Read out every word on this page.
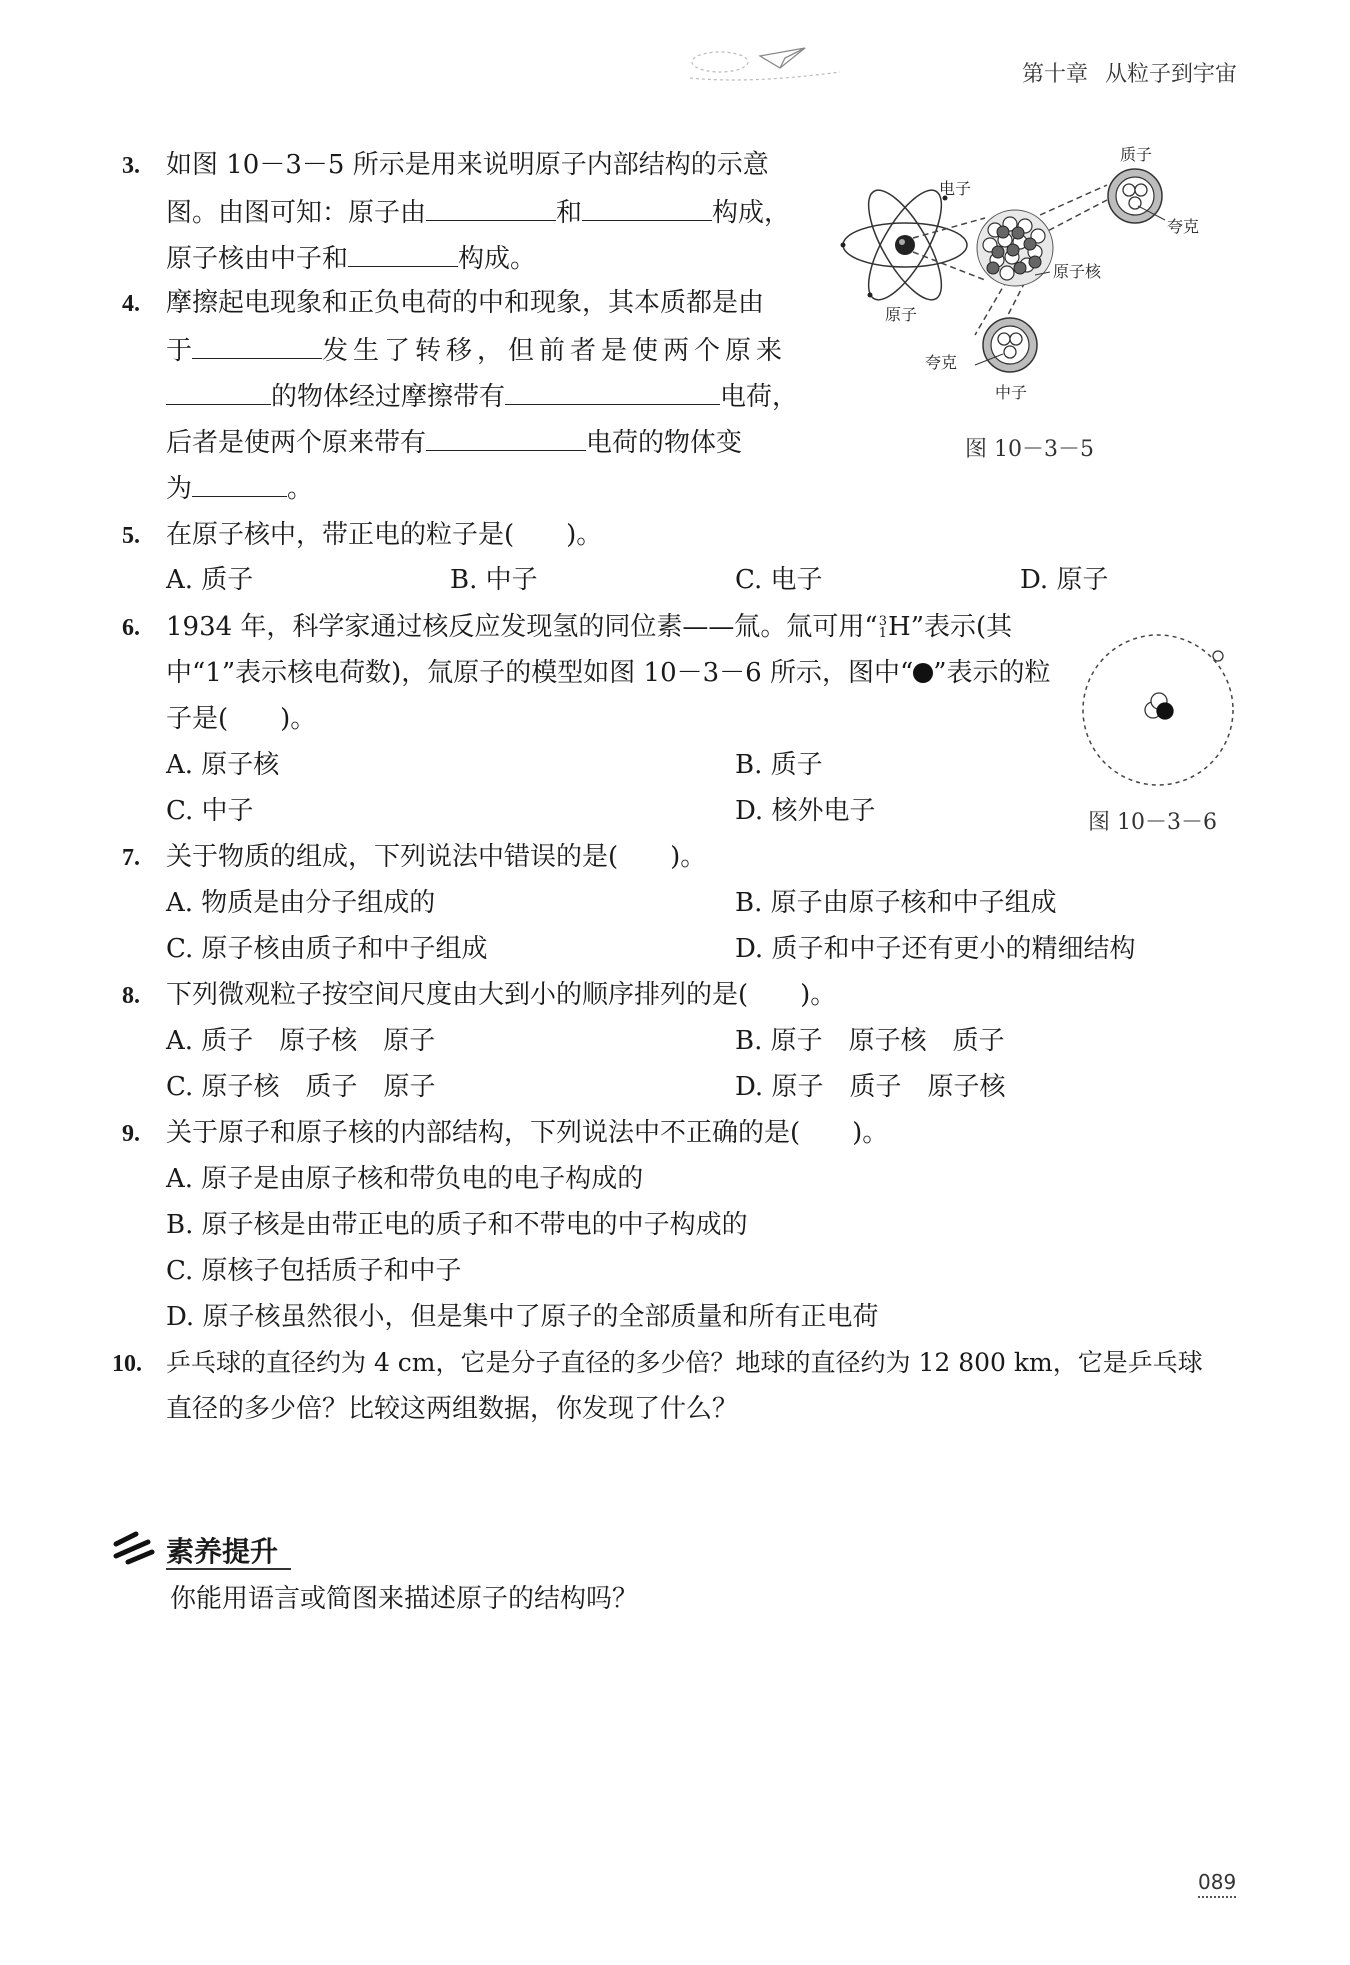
第十章 从粒子到宇宙
3. 如图 10－3－5 所示是用来说明原子内部结构的示意
图。由图可知：原子由	和	构成，
原子核由中子和	构成。
4. 摩擦起电现象和正负电荷的中和现象，其本质都是由
于	发生了转移，但前者是使两个原来
的物体经过摩擦带有	电荷，
后者是使两个原来带有	电荷的物体变
为	。
质子
夸克
电子
原子核
原子
夸克
中子
图 10－3－5
5. 在原子核中，带正电的粒子是(　　)。
A. 质子	B. 中子	C. 电子	D. 原子
6. 1934 年，科学家通过核反应发现氢的同位素——氚。氚可用“ 3
1 H”表示(其
中“1”表示核电荷数)，氚原子的模型如图 10－3－6 所示，图中“ ”表示的粒
子是(　　)。
A. 原子核	B. 质子
C. 中子	D. 核外电子	图 10－3－6
7. 关于物质的组成，下列说法中错误的是(　　)。
A. 物质是由分子组成的	B. 原子由原子核和中子组成
C. 原子核由质子和中子组成	D. 质子和中子还有更小的精细结构
8. 下列微观粒子按空间尺度由大到小的顺序排列的是(　　)。
A. 质子　原子核　原子	B. 原子　原子核　质子
C. 原子核　质子　原子	D. 原子　质子　原子核
9. 关于原子和原子核的内部结构，下列说法中不正确的是(　　)。
A. 原子是由原子核和带负电的电子构成的
B. 原子核是由带正电的质子和不带电的中子构成的
C. 原核子包括质子和中子
D. 原子核虽然很小，但是集中了原子的全部质量和所有正电荷
10. 乒乓球的直径约为 4 cm，它是分子直径的多少倍？地球的直径约为 12 800 km，它是乒乓球
直径的多少倍？比较这两组数据，你发现了什么？
素养提升
你能用语言或简图来描述原子的结构吗？
089
